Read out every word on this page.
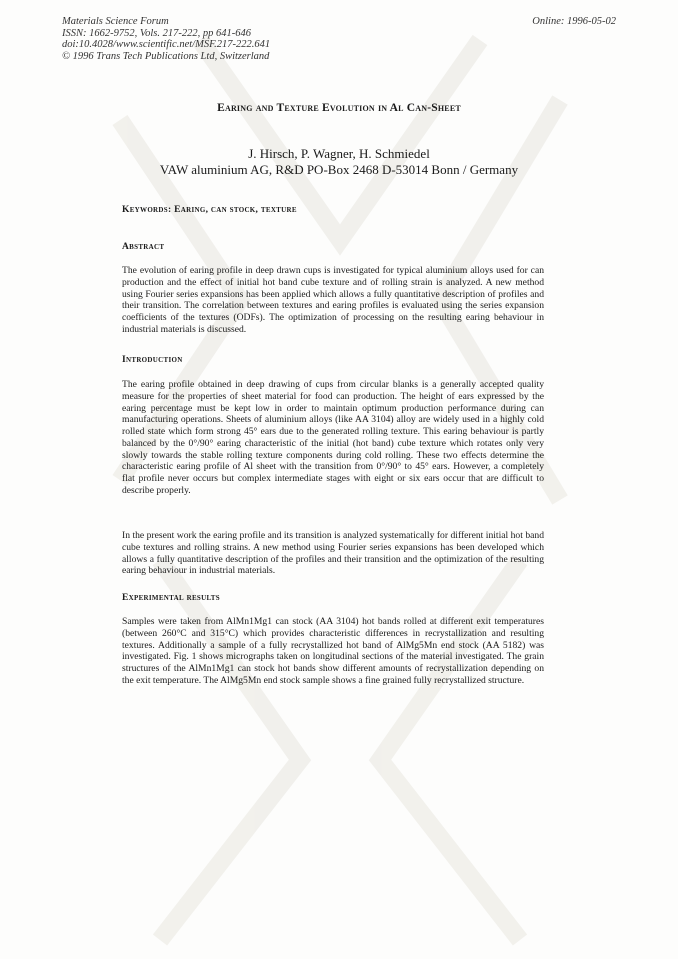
Materials Science Forum
ISSN: 1662-9752, Vols. 217-222, pp 641-646
doi:10.4028/www.scientific.net/MSF.217-222.641
© 1996 Trans Tech Publications Ltd, Switzerland
Online: 1996-05-02
Earing and Texture Evolution in Al Can-Sheet
J. Hirsch, P. Wagner, H. Schmiedel
VAW aluminium AG, R&D PO-Box 2468 D-53014 Bonn / Germany
Keywords: Earing, can stock, texture
Abstract
The evolution of earing profile in deep drawn cups is investigated for typical aluminium alloys used for can production and the effect of initial hot band cube texture and of rolling strain is analyzed. A new method using Fourier series expansions has been applied which allows a fully quantitative description of profiles and their transition. The correlation between textures and earing profiles is evaluated using the series expansion coefficients of the textures (ODFs). The optimization of processing on the resulting earing behaviour in industrial materials is discussed.
Introduction
The earing profile obtained in deep drawing of cups from circular blanks is a generally accepted quality measure for the properties of sheet material for food can production. The height of ears expressed by the earing percentage must be kept low in order to maintain optimum production performance during can manufacturing operations. Sheets of aluminium alloys (like AA 3104) alloy are widely used in a highly cold rolled state which form strong 45° ears due to the generated rolling texture. This earing behaviour is partly balanced by the 0°/90° earing characteristic of the initial (hot band) cube texture which rotates only very slowly towards the stable rolling texture components during cold rolling. These two effects determine the characteristic earing profile of Al sheet with the transition from 0°/90° to 45° ears. However, a completely flat profile never occurs but complex intermediate stages with eight or six ears occur that are difficult to describe properly.
In the present work the earing profile and its transition is analyzed systematically for different initial hot band cube textures and rolling strains. A new method using Fourier series expansions has been developed which allows a fully quantitative description of the profiles and their transition and the optimization of the resulting earing behaviour in industrial materials.
Experimental results
Samples were taken from AlMn1Mg1 can stock (AA 3104) hot bands rolled at different exit temperatures (between 260°C and 315°C) which provides characteristic differences in recrystallization and resulting textures. Additionally a sample of a fully recrystallized hot band of AlMg5Mn end stock (AA 5182) was investigated. Fig. 1 shows micrographs taken on longitudinal sections of the material investigated. The grain structures of the AlMn1Mg1 can stock hot bands show different amounts of recrystallization depending on the exit temperature. The AlMg5Mn end stock sample shows a fine grained fully recrystallized structure.
